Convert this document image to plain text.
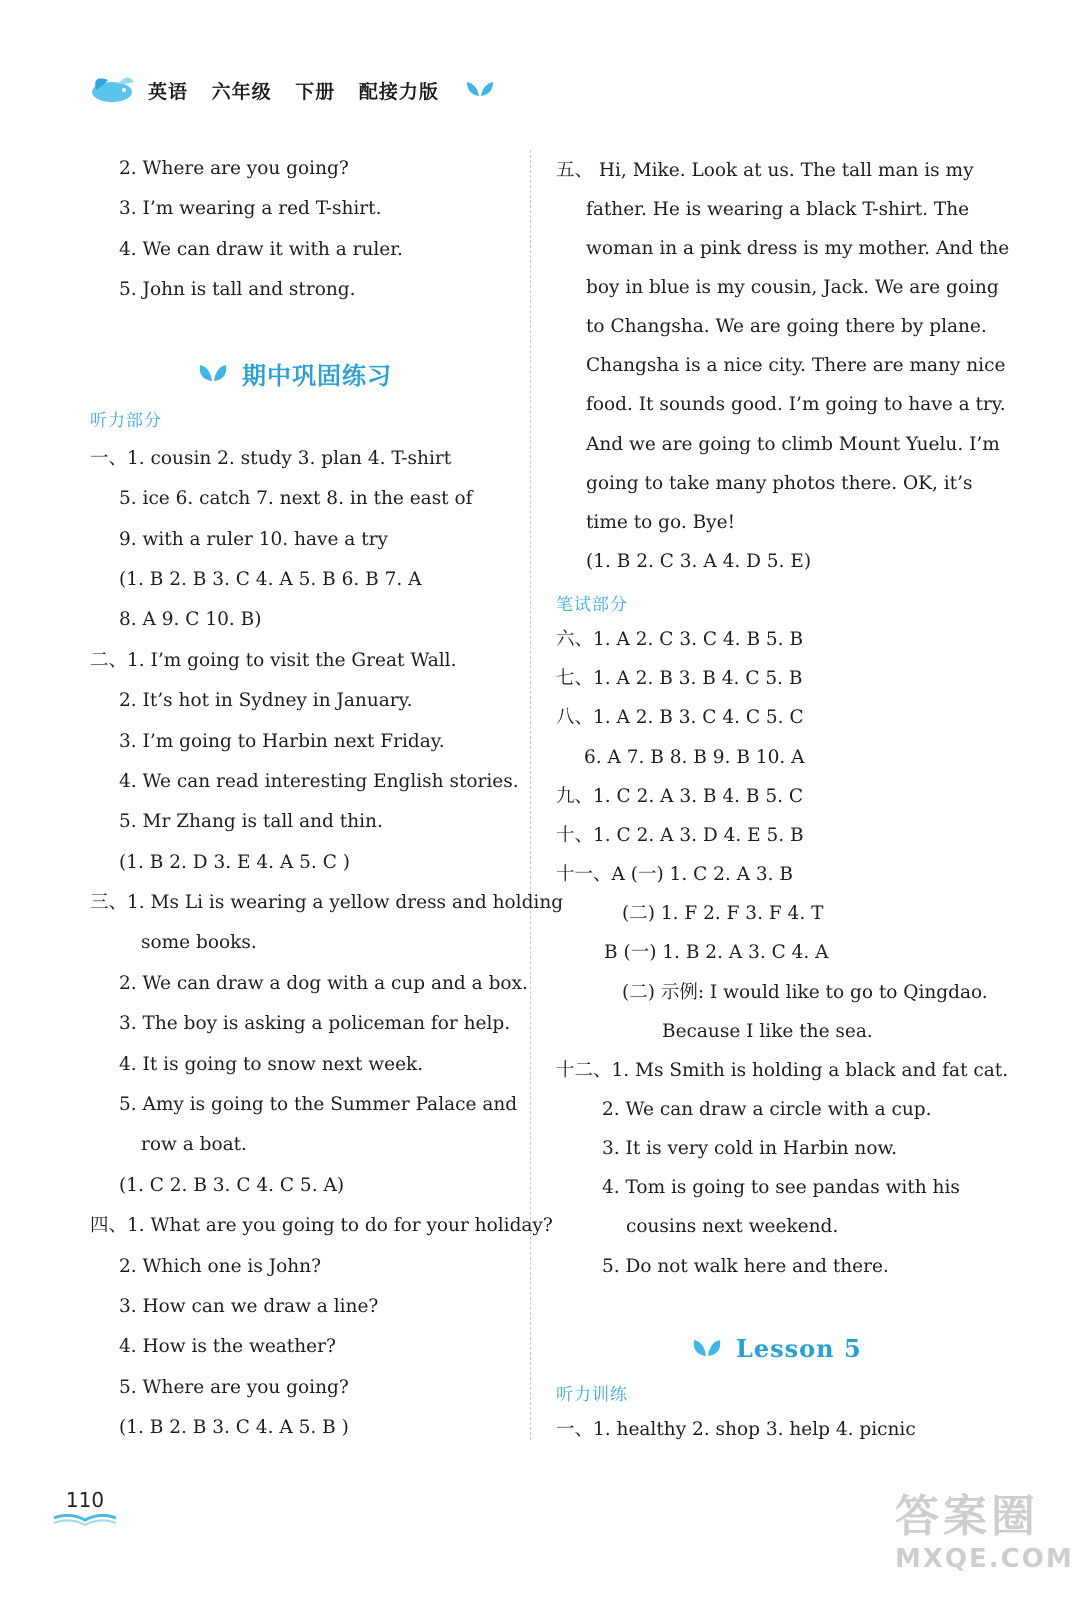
英语 六年级 下册 配接力版
2. Where are you going?
3. I’m wearing a red T-shirt.
4. We can draw it with a ruler.
5. John is tall and strong.
期中巩固练习
听力部分
一、1. cousin 2. study 3. plan 4. T-shirt
5. ice 6. catch 7. next 8. in the east of
9. with a ruler 10. have a try
(1. B 2. B 3. C 4. A 5. B 6. B 7. A
8. A 9. C 10. B)
二、1. I’m going to visit the Great Wall.
2. It’s hot in Sydney in January.
3. I’m going to Harbin next Friday.
4. We can read interesting English stories.
5. Mr Zhang is tall and thin.
(1. B 2. D 3. E 4. A 5. C )
三、1. Ms Li is wearing a yellow dress and holding
some books.
2. We can draw a dog with a cup and a box.
3. The boy is asking a policeman for help.
4. It is going to snow next week.
5. Amy is going to the Summer Palace and
row a boat.
(1. C 2. B 3. C 4. C 5. A)
四、1. What are you going to do for your holiday?
2. Which one is John?
3. How can we draw a line?
4. How is the weather?
5. Where are you going?
(1. B 2. B 3. C 4. A 5. B )
五、 Hi, Mike. Look at us. The tall man is my
father. He is wearing a black T-shirt. The
woman in a pink dress is my mother. And the
boy in blue is my cousin, Jack. We are going
to Changsha. We are going there by plane.
Changsha is a nice city. There are many nice
food. It sounds good. I’m going to have a try.
And we are going to climb Mount Yuelu. I’m
going to take many photos there. OK, it’s
time to go. Bye!
(1. B 2. C 3. A 4. D 5. E)
笔试部分
六、1. A 2. C 3. C 4. B 5. B
七、1. A 2. B 3. B 4. C 5. B
八、1. A 2. B 3. C 4. C 5. C
6. A 7. B 8. B 9. B 10. A
九、1. C 2. A 3. B 4. B 5. C
十、1. C 2. A 3. D 4. E 5. B
十一、A (一) 1. C 2. A 3. B
(二) 1. F 2. F 3. F 4. T
B (一) 1. B 2. A 3. C 4. A
(二) 示例: I would like to go to Qingdao.
Because I like the sea.
十二、1. Ms Smith is holding a black and fat cat.
2. We can draw a circle with a cup.
3. It is very cold in Harbin now.
4. Tom is going to see pandas with his
cousins next weekend.
5. Do not walk here and there.
Lesson 5
听力训练
一、1. healthy 2. shop 3. help 4. picnic
110	答案圈
MXQE.COM
